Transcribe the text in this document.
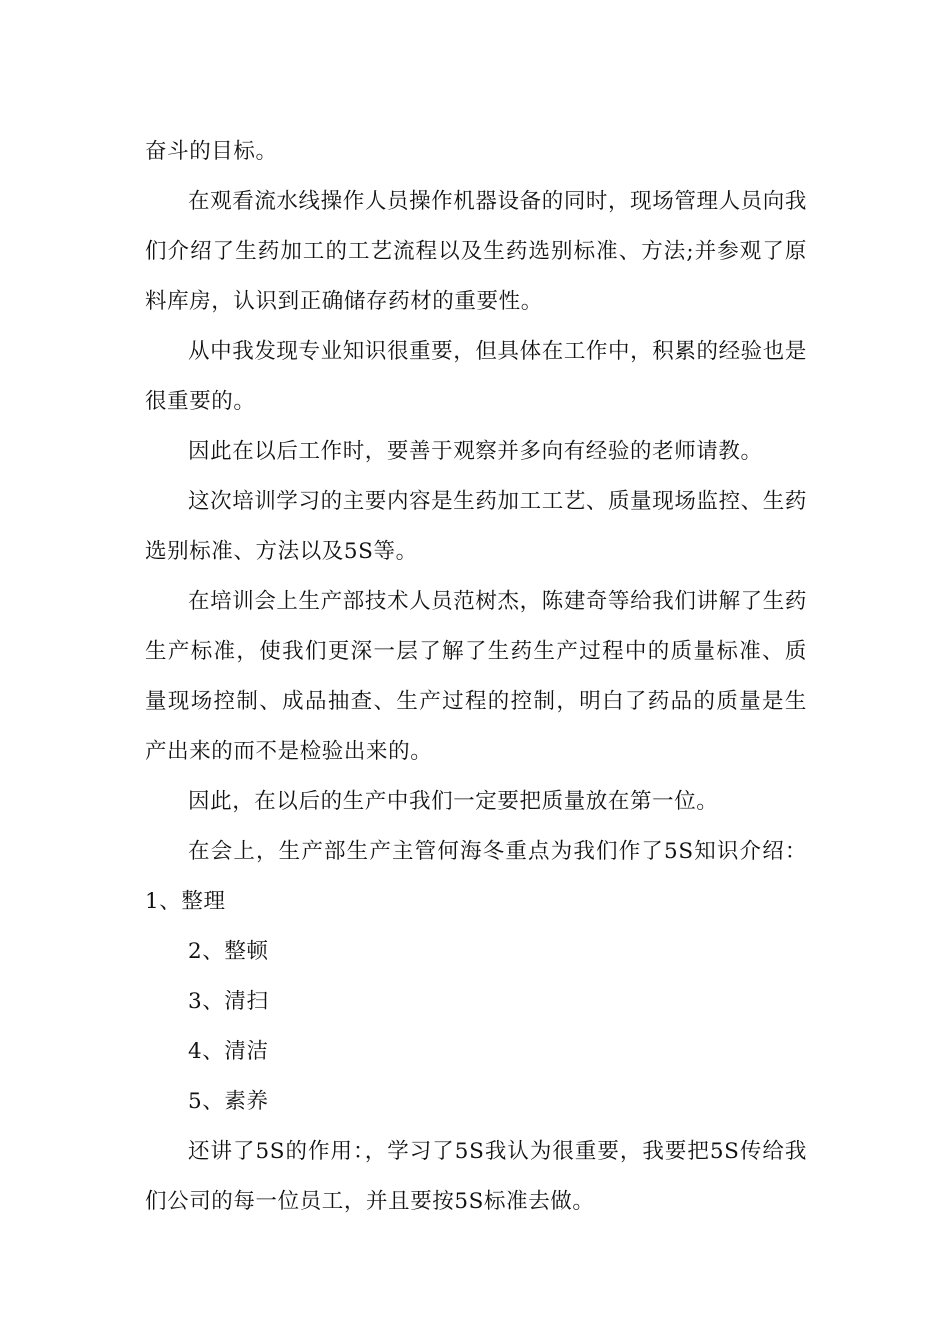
奋斗的目标。

在观看流水线操作人员操作机器设备的同时，现场管理人员向我们介绍了生药加工的工艺流程以及生药选别标准、方法;并参观了原料库房，认识到正确储存药材的重要性。

从中我发现专业知识很重要，但具体在工作中，积累的经验也是很重要的。

因此在以后工作时，要善于观察并多向有经验的老师请教。

这次培训学习的主要内容是生药加工工艺、质量现场监控、生药选别标准、方法以及5S等。

在培训会上生产部技术人员范树杰，陈建奇等给我们讲解了生药生产标准，使我们更深一层了解了生药生产过程中的质量标准、质量现场控制、成品抽查、生产过程的控制，明白了药品的质量是生产出来的而不是检验出来的。

因此，在以后的生产中我们一定要把质量放在第一位。

在会上，生产部生产主管何海冬重点为我们作了5S知识介绍：1、整理

2、整顿

3、清扫

4、清洁

5、素养

还讲了5S的作用：，学习了5S我认为很重要，我要把5S传给我们公司的每一位员工，并且要按5S标准去做。
